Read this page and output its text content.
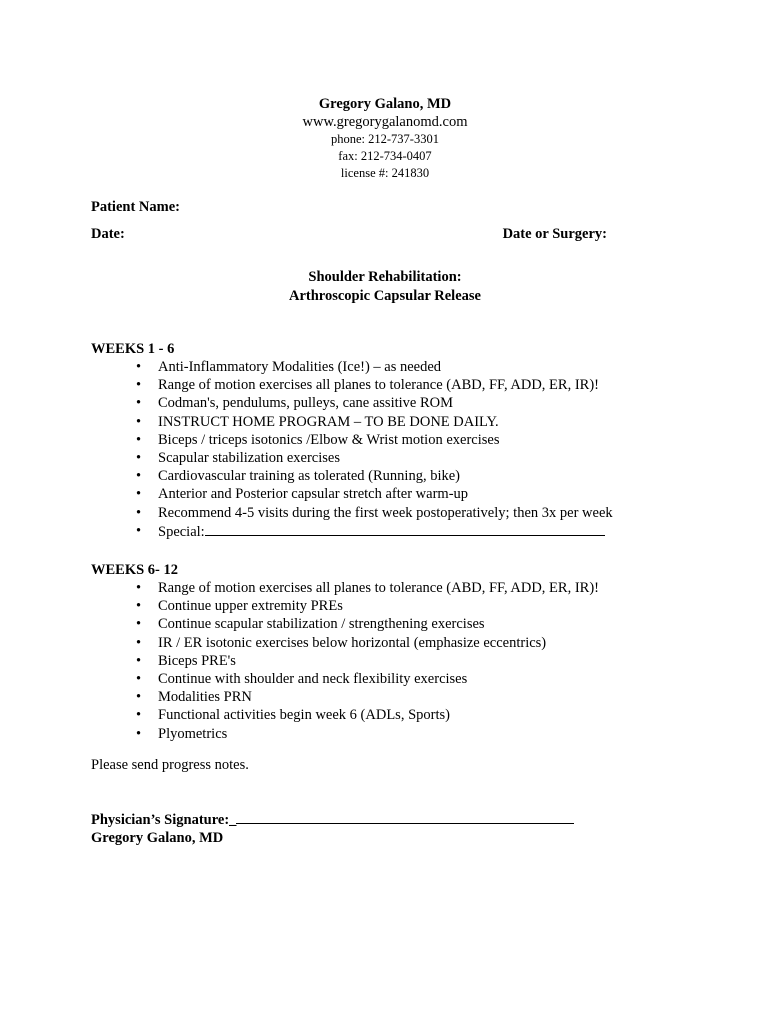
Gregory Galano, MD
www.gregorygalanomd.com
phone: 212-737-3301
fax: 212-734-0407
license #: 241830
Patient Name:
Date:	Date or Surgery:
Shoulder Rehabilitation:
Arthroscopic Capsular Release
WEEKS 1 - 6
• Anti-Inflammatory Modalities (Ice!) – as needed
• Range of motion exercises all planes to tolerance (ABD, FF, ADD, ER, IR)!
• Codman's, pendulums, pulleys, cane assitive ROM
• INSTRUCT HOME PROGRAM – TO BE DONE DAILY.
• Biceps / triceps isotonics /Elbow & Wrist motion exercises
• Scapular stabilization exercises
• Cardiovascular training as tolerated (Running, bike)
• Anterior and Posterior capsular stretch after warm-up
• Recommend 4-5 visits during the first week postoperatively; then 3x per week
• Special:
WEEKS 6- 12
• Range of motion exercises all planes to tolerance (ABD, FF, ADD, ER, IR)!
• Continue upper extremity PREs
• Continue scapular stabilization / strengthening exercises
• IR / ER isotonic exercises below horizontal (emphasize eccentrics)
• Biceps PRE's
• Continue with shoulder and neck flexibility exercises
• Modalities PRN
• Functional activities begin week 6 (ADLs, Sports)
• Plyometrics
Please send progress notes.
Physician’s Signature:_
Gregory Galano, MD
